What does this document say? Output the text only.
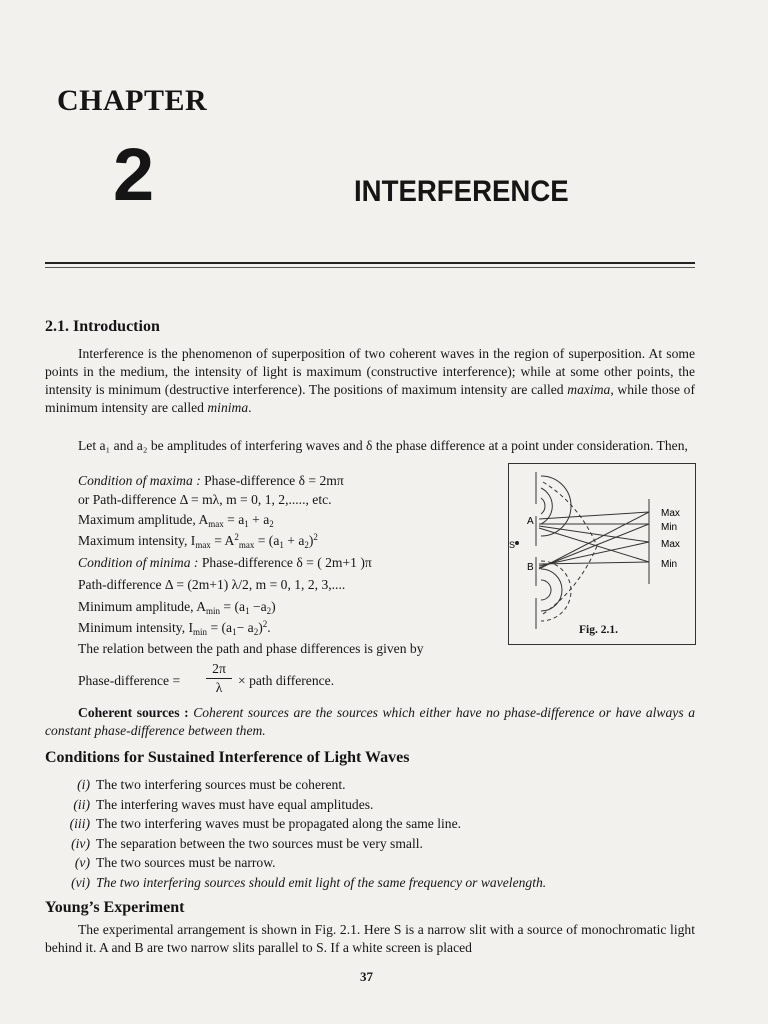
CHAPTER
2	INTERFERENCE
2.1. Introduction
Interference is the phenomenon of superposition of two coherent waves in the region of superposition. At some points in the medium, the intensity of light is maximum (constructive interference); while at some other points, the intensity is minimum (destructive interference). The positions of maximum intensity are called maxima, while those of minimum intensity are called minima.
Let a₁ and a₂ be amplitudes of interfering waves and δ the phase difference at a point under consideration. Then,
Condition of maxima : Phase-difference δ = 2mπ
or Path-difference Δ = mλ, m = 0, 1, 2,....., etc.
Maximum amplitude, $A_{max} = a_1 + a_2$
Maximum intensity, $I_{max} = A^2_{max} = (a_1 + a_2)^2$
Condition of minima : Phase-difference δ = ( 2m+1 )π
Path-difference Δ = (2m+1) λ/2, m = 0, 1, 2, 3,....
Minimum amplitude, $A_{min} = (a_1 -a_2)$
Minimum intensity, $I_{min} = (a_1- a_2)^2$.
The relation between the path and phase differences is given by
Phase-difference =
2π
λ	× path difference.
A
B
S
Max
Min
Max
Min
Fig. 2.1.
Coherent sources : Coherent sources are the sources which either have no phase-difference or have always a constant phase-difference between them.
Conditions for Sustained Interference of Light Waves
(i) The two interfering sources must be coherent.
(ii) The interfering waves must have equal amplitudes.
(iii) The two interfering waves must be propagated along the same line.
(iv) The separation between the two sources must be very small.
(v) The two sources must be narrow.
(vi) The two interfering sources should emit light of the same frequency or wavelength.
Young’s Experiment
The experimental arrangement is shown in Fig. 2.1. Here S is a narrow slit with a source of monochromatic light behind it. A and B are two narrow slits parallel to S. If a white screen is placed
37
